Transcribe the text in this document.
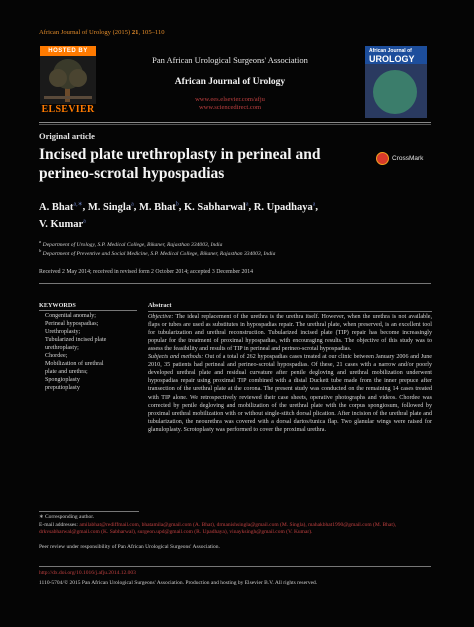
African Journal of Urology (2015) 21, 105–110
HOSTED BY
ELSEVIER
Pan African Urological Surgeons' Association
African Journal of Urology
www.ees.elsevier.com/afju
www.sciencedirect.com
African Journal of
UROLOGY
Original article
Incised plate urethroplasty in perineal and perineo-scrotal hypospadias
CrossMark
A. Bhat$^{a,∗}$, M. Singla$^a$, M. Bhat$^b$, K. Sabharwal$^a$, R. Upadhaya$^a$,
V. Kumar$^a$
$^a$ Department of Urology, S.P. Medical College, Bikaner, Rajasthan 334003, India
$^b$ Department of Preventive and Social Medicine, S.P. Medical College, Bikaner, Rajasthan 334003, India
Received 2 May 2014; received in revised form 2 October 2014; accepted 3 December 2014
KEYWORDS
Congenital anomaly;
Perineal hypospadias;
Urethroplasty;
Tubularized incised plate
urethroplasty;
Chordee;
Mobilization of urethral
plate and urethra;
Spongioplasty
preputioplasty
Abstract
Objective: The ideal replacement of the urethra is the urethra itself. However, when the urethra is not available, flaps or tubes are used as substitutes in hypospadias repair. The urethral plate, when preserved, is an excellent tool for tubularization and urethral reconstruction. Tubularized incised plate (TIP) repair has become increasingly popular for the treatment of proximal hypospadias, with encouraging results. The objective of this study was to assess the feasibility and results of TIP in perineal and perineo-scrotal hypospadias.
Subjects and methods: Out of a total of 262 hypospadias cases treated at our clinic between January 2006 and June 2010, 35 patients had perineal and perineo-scrotal hypospadias. Of these, 21 cases with a narrow and/or poorly developed urethral plate and residual curvature after penile degloving and urethral mobilization underwent hypospadias repair using proximal TIP combined with a distal Duckett tube made from the inner prepuce after transection of the urethral plate at the corona. The present study was conducted on the remaining 14 cases treated with TIP alone. We retrospectively reviewed their case sheets, operative photographs and videos. Chordee was corrected by penile degloving and mobilization of the urethral plate with the corpus spongiosum, followed by proximal urethral mobilization with or without single-stitch dorsal plication. After incision of the urethral plate and tubularization, the neourethra was covered with a dorsal dartos/tunica flap. Two glanular wings were raised for glanuloplasty. Scrotoplasty was performed to cover the proximal urethra.
∗ Corresponding author.
E-mail addresses: amilabhat@rediffmail.com, bhatamila@gmail.com (A. Bhat), drmanishsingla@gmail.com (M. Singla), mahakbhat1990@gmail.com (M. Bhat), drkvsabharwal@gmail.com (K. Sabharwal), surgeon.upd@gmail.com (R. Upadhaya), vinayksingh@gmail.com (V. Kumar).
Peer review under responsibility of Pan African Urological Surgeons' Association.
http://dx.doi.org/10.1016/j.afju.2014.12.003
1110-5704/© 2015 Pan African Urological Surgeons' Association. Production and hosting by Elsevier B.V. All rights reserved.
